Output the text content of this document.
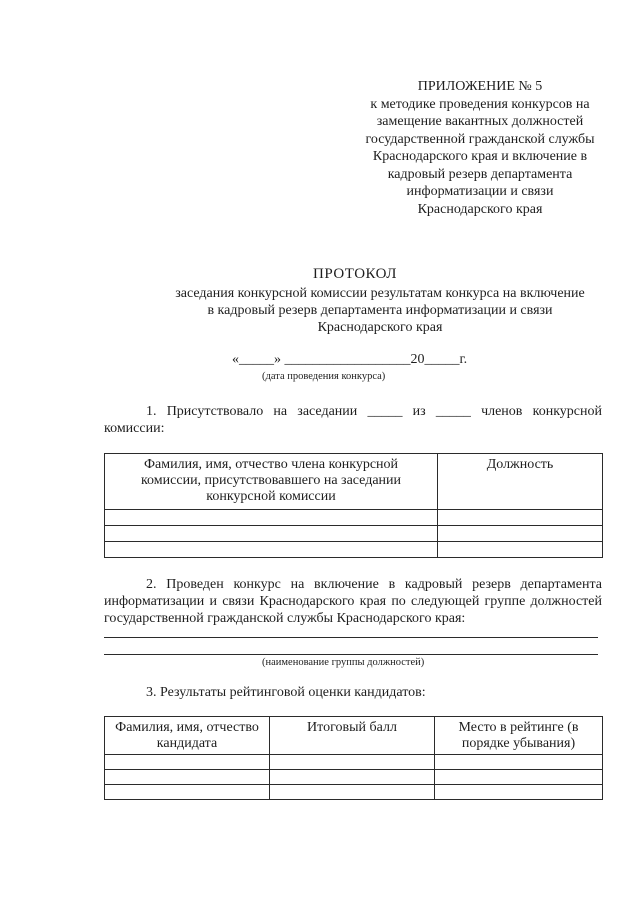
ПРИЛОЖЕНИЕ № 5
к методике проведения конкурсов на
замещение вакантных должностей
государственной гражданской службы
Краснодарского края и включение в
кадровый резерв департамента
информатизации и связи
Краснодарского края
ПРОТОКОЛ
заседания конкурсной комиссии результатам конкурса на включение
в кадровый резерв департамента информатизации и связи
Краснодарского края
«_____» __________________20_____г.
(дата проведения конкурса)
1. Присутствовало на заседании _____ из _____ членов конкурсной комиссии:
Фамилия, имя, отчество члена конкурсной комиссии, присутствовавшего на заседании конкурсной комиссии	Должность

2. Проведен конкурс на включение в кадровый резерв департамента информатизации и связи Краснодарского края по следующей группе должностей государственной гражданской службы Краснодарского края:
(наименование группы должностей)
3. Результаты рейтинговой оценки кандидатов:
Фамилия, имя, отчество кандидата	Итоговый балл	Место в рейтинге (в порядке убывания)
